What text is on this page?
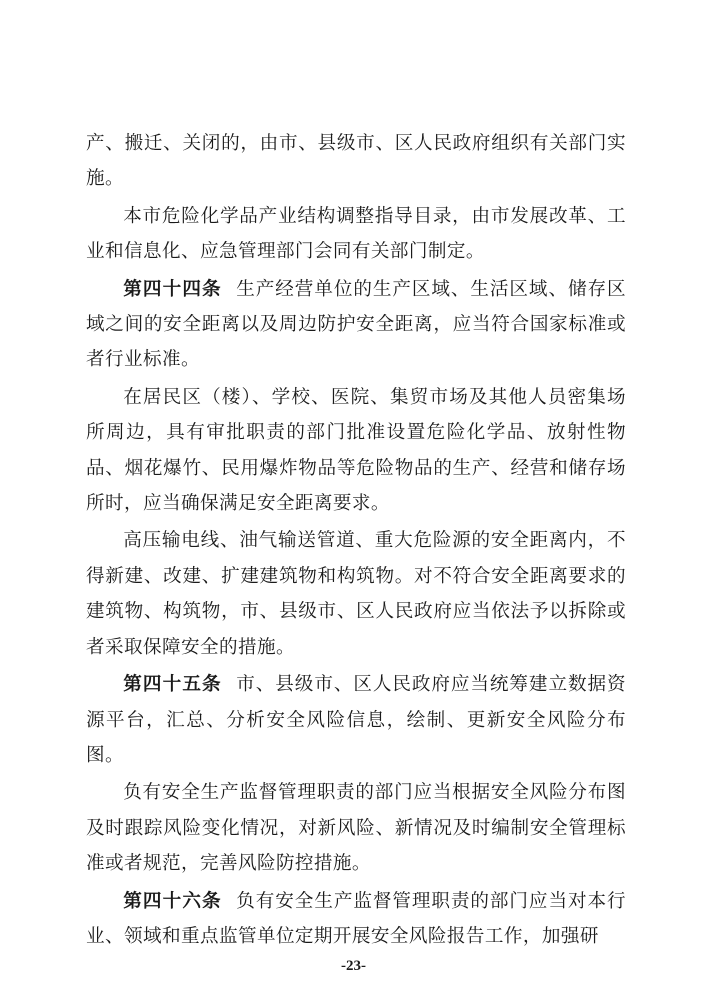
产、搬迁、关闭的，由市、县级市、区人民政府组织有关部门实施。

本市危险化学品产业结构调整指导目录，由市发展改革、工业和信息化、应急管理部门会同有关部门制定。

第四十四条 生产经营单位的生产区域、生活区域、储存区域之间的安全距离以及周边防护安全距离，应当符合国家标准或者行业标准。

在居民区（楼）、学校、医院、集贸市场及其他人员密集场所周边，具有审批职责的部门批准设置危险化学品、放射性物品、烟花爆竹、民用爆炸物品等危险物品的生产、经营和储存场所时，应当确保满足安全距离要求。

高压输电线、油气输送管道、重大危险源的安全距离内，不得新建、改建、扩建建筑物和构筑物。对不符合安全距离要求的建筑物、构筑物，市、县级市、区人民政府应当依法予以拆除或者采取保障安全的措施。

第四十五条 市、县级市、区人民政府应当统筹建立数据资源平台，汇总、分析安全风险信息，绘制、更新安全风险分布图。

负有安全生产监督管理职责的部门应当根据安全风险分布图及时跟踪风险变化情况，对新风险、新情况及时编制安全管理标准或者规范，完善风险防控措施。

第四十六条 负有安全生产监督管理职责的部门应当对本行业、领域和重点监管单位定期开展安全风险报告工作，加强研

-23-
